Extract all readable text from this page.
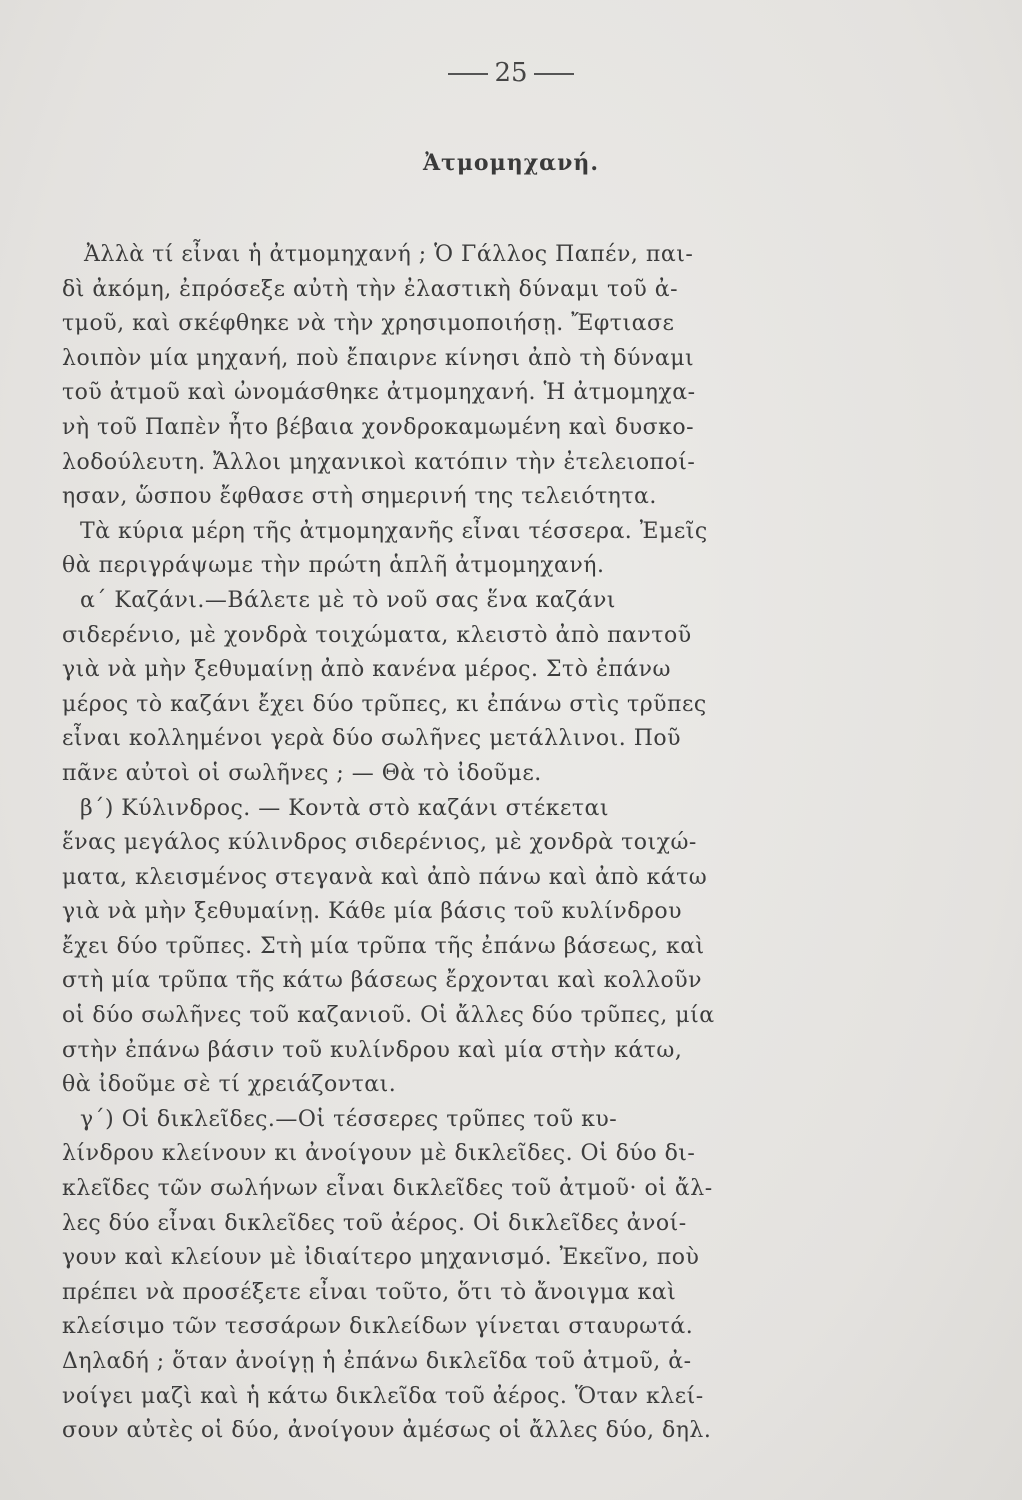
25
Ἀτμομηχανή.
Ἀλλὰ τί εἶναι ἡ ἀτμομηχανή ; Ὁ Γάλλος Παπέν, παι-
δὶ ἀκόμη, ἐπρόσεξε αὐτὴ τὴν ἐλαστικὴ δύναμι τοῦ ἀ-
τμοῦ, καὶ σκέφθηκε νὰ τὴν χρησιμοποιήσῃ. Ἔφτιασε
λοιπὸν μία μηχανή, ποὺ ἔπαιρνε κίνησι ἀπὸ τὴ δύναμι
τοῦ ἀτμοῦ καὶ ὠνομάσθηκε ἀτμομηχανή. Ἡ ἀτμομηχα-
νὴ τοῦ Παπὲν ἦτο βέβαια χονδροκαμωμένη καὶ δυσκο-
λοδούλευτη. Ἄλλοι μηχανικοὶ κατόπιν τὴν ἐτελειοποί-
ησαν, ὥσπου ἔφθασε στὴ σημερινή της τελειότητα.
Τὰ κύρια μέρη τῆς ἀτμομηχανῆς εἶναι τέσσερα. Ἐμεῖς
θὰ περιγράψωμε τὴν πρώτη ἁπλῆ ἀτμομηχανή.
α΄ Καζάνι.—Βάλετε μὲ τὸ νοῦ σας ἕνα καζάνι
σιδερένιο, μὲ χονδρὰ τοιχώματα, κλειστὸ ἀπὸ παντοῦ
γιὰ νὰ μὴν ξεθυμαίνῃ ἀπὸ κανένα μέρος. Στὸ ἐπάνω
μέρος τὸ καζάνι ἔχει δύο τρῦπες, κι ἐπάνω στὶς τρῦπες
εἶναι κολλημένοι γερὰ δύο σωλῆνες μετάλλινοι. Ποῦ
πᾶνε αὐτοὶ οἱ σωλῆνες ; — Θὰ τὸ ἰδοῦμε.
β΄) Κύλινδρος. — Κοντὰ στὸ καζάνι στέκεται
ἕνας μεγάλος κύλινδρος σιδερένιος, μὲ χονδρὰ τοιχώ-
ματα, κλεισμένος στεγανὰ καὶ ἀπὸ πάνω καὶ ἀπὸ κάτω
γιὰ νὰ μὴν ξεθυμαίνῃ. Κάθε μία βάσις τοῦ κυλίνδρου
ἔχει δύο τρῦπες. Στὴ μία τρῦπα τῆς ἐπάνω βάσεως, καὶ
στὴ μία τρῦπα τῆς κάτω βάσεως ἔρχονται καὶ κολλοῦν
οἱ δύο σωλῆνες τοῦ καζανιοῦ. Οἱ ἄλλες δύο τρῦπες, μία
στὴν ἐπάνω βάσιν τοῦ κυλίνδρου καὶ μία στὴν κάτω,
θὰ ἰδοῦμε σὲ τί χρειάζονται.
γ΄) Οἱ δικλεῖδες.—Οἱ τέσσερες τρῦπες τοῦ κυ-
λίνδρου κλείνουν κι ἀνοίγουν μὲ δικλεῖδες. Οἱ δύο δι-
κλεῖδες τῶν σωλήνων εἶναι δικλεῖδες τοῦ ἀτμοῦ· οἱ ἄλ-
λες δύο εἶναι δικλεῖδες τοῦ ἀέρος. Οἱ δικλεῖδες ἀνοί-
γουν καὶ κλείουν μὲ ἰδιαίτερο μηχανισμό. Ἐκεῖνο, ποὺ
πρέπει νὰ προσέξετε εἶναι τοῦτο, ὅτι τὸ ἄνοιγμα καὶ
κλείσιμο τῶν τεσσάρων δικλείδων γίνεται σταυρωτά.
Δηλαδή ; ὅταν ἀνοίγῃ ἡ ἐπάνω δικλεῖδα τοῦ ἀτμοῦ, ἀ-
νοίγει μαζὶ καὶ ἡ κάτω δικλεῖδα τοῦ ἀέρος. Ὅταν κλεί-
σουν αὐτὲς οἱ δύο, ἀνοίγουν ἀμέσως οἱ ἄλλες δύο, δηλ.
